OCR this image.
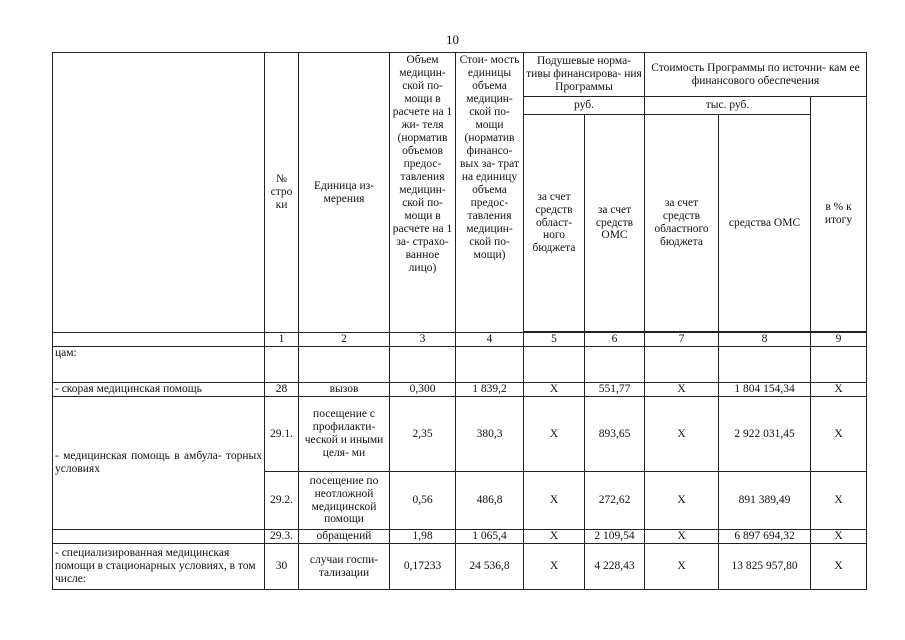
10
	№ стро ки	Единица из- мерения	Объем медицин- ской по- мощи в расчете на 1 жи- теля (норматив объемов предос- тавления медицин- ской по- мощи в расчете на 1 за- страхо- ванное лицо)	Стои- мость единицы объема медицин- ской по- мощи (норматив финансо- вых за- трат на единицу объема предос- тавления медицин- ской по- мощи)	Подушевые норма- тивы финансирова- ния Программы		Стоимость Программы по источни- кам ее финансового обеспечения		
					руб.		тыс. руб.		в % к итогу
					за счет средств област- ного бюджета	за счет средств ОМС	за счет средств областного бюджета	средства ОМС	

	1	2	3	4	5	6	7	8	9
цам:									
- скорая медицинская помощь	28	вызов	0,300	1 839,2	Х	551,77	Х	1 804 154,34	Х
- медицинская помощь в амбула- торных условиях	29.1.	посещение с профилакти- ческой и иными целя- ми	2,35	380,3	Х	893,65	Х	2 922 031,45	Х
	29.2.	посещение по неотложной медицинской помощи	0,56	486,8	Х	272,62	Х	891 389,49	Х
	29.3.	обращений	1,98	1 065,4	Х	2 109,54	Х	6 897 694,32	Х
- специализированная медицинская помощи в стационарных условиях, в том числе:	30	случаи госпи- тализации	0,17233	24 536,8	Х	4 228,43	Х	13 825 957,80	Х
